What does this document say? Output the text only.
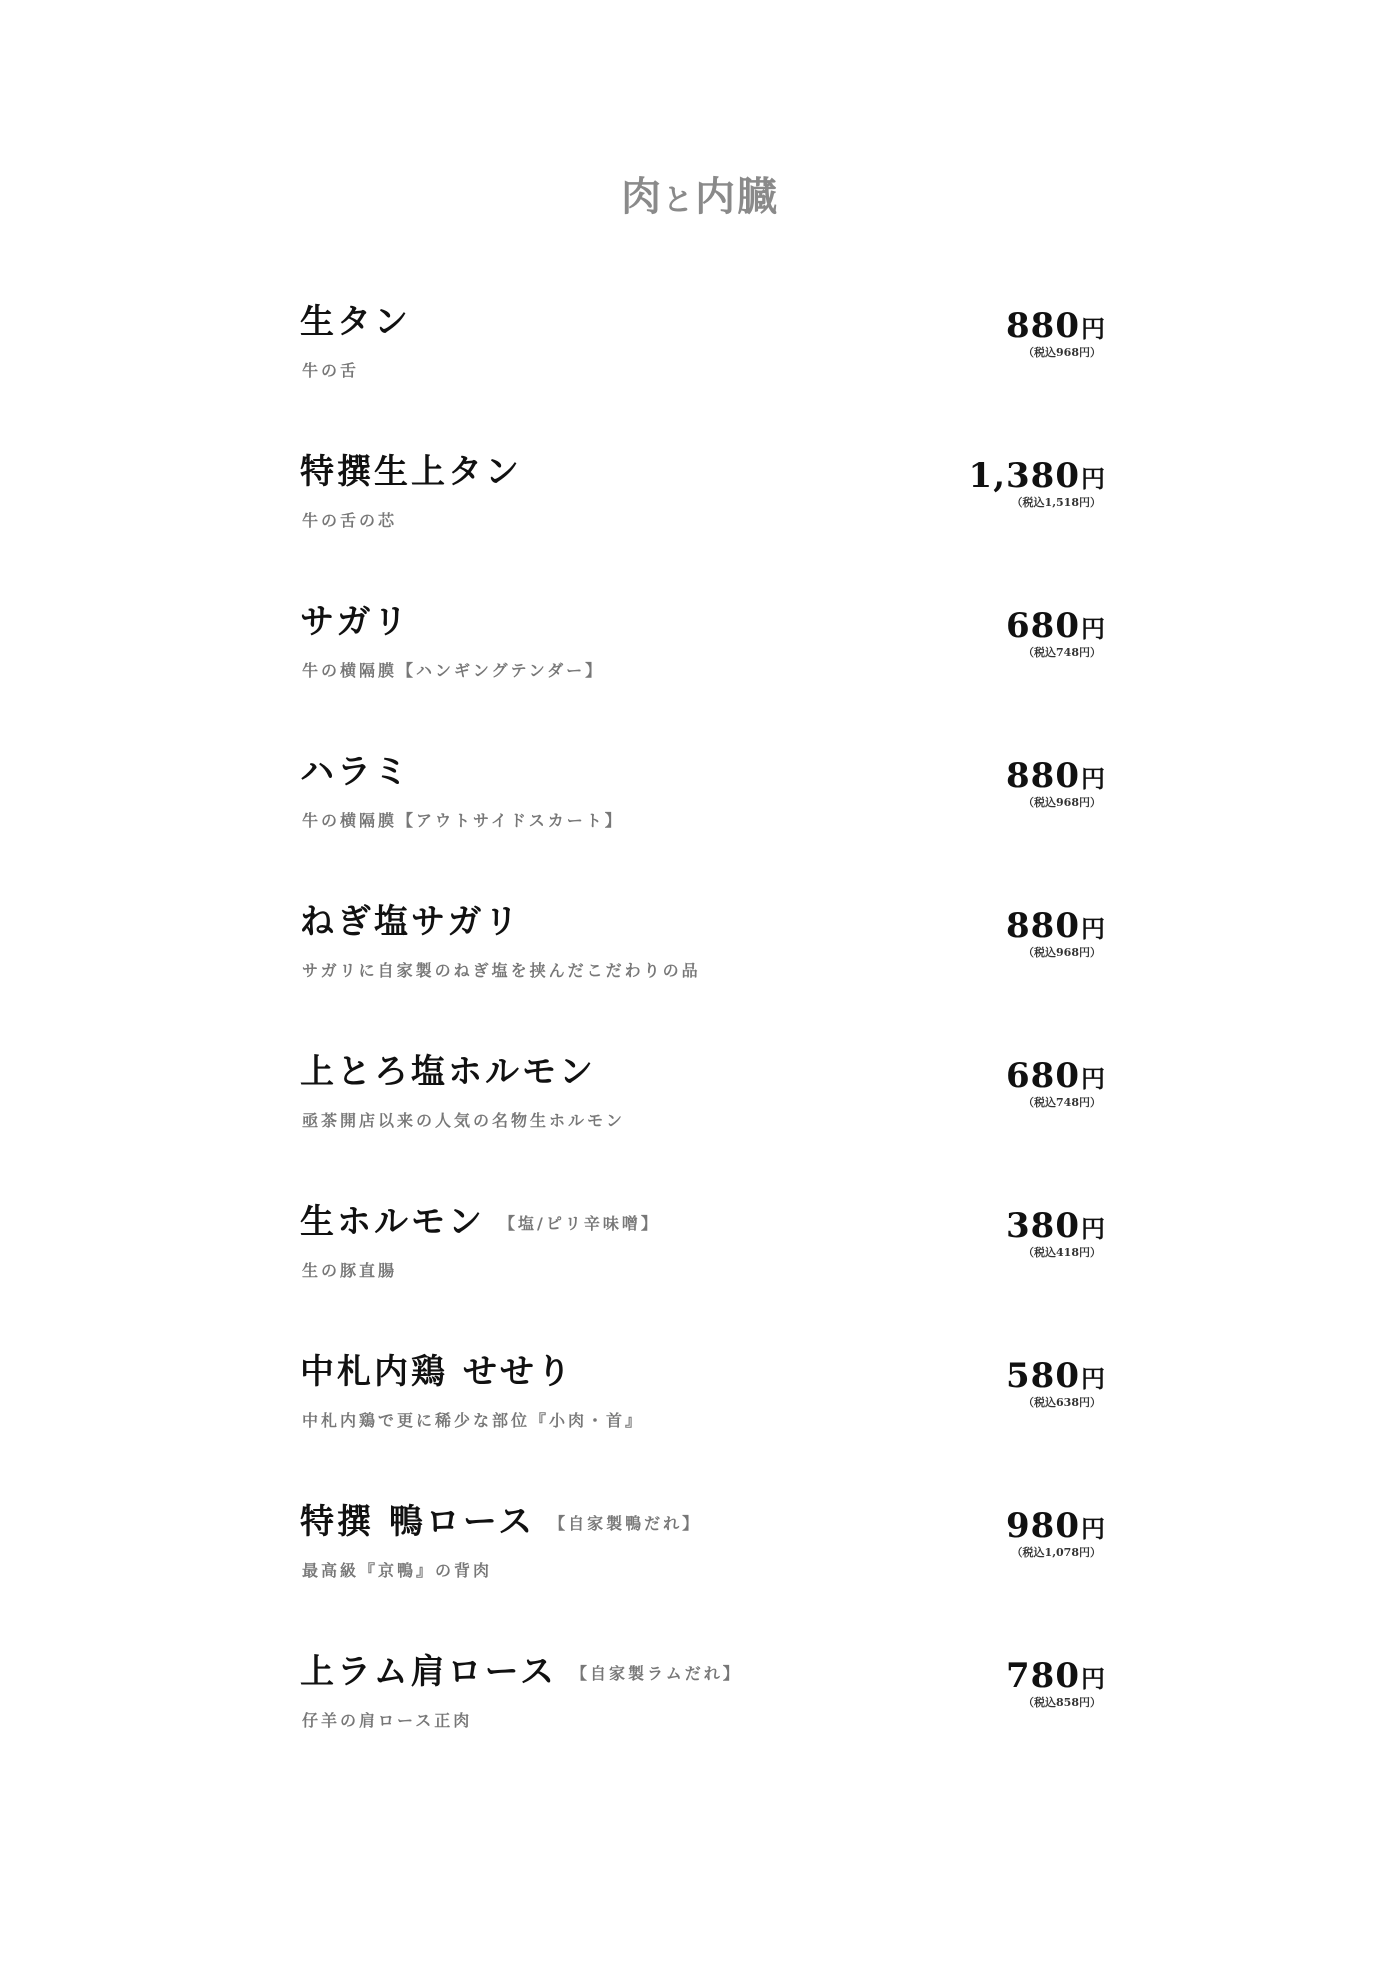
肉と内臓
生タン
牛の舌
880円
（税込968円）
特撰生上タン
牛の舌の芯
1,380円
（税込1,518円）
サガリ
牛の横隔膜【ハンギングテンダー】
680円
（税込748円）
ハラミ
牛の横隔膜【アウトサイドスカート】
880円
（税込968円）
ねぎ塩サガリ
サガリに自家製のねぎ塩を挟んだこだわりの品
880円
（税込968円）
上とろ塩ホルモン
亟茶開店以来の人気の名物生ホルモン
680円
（税込748円）
生ホルモン 【塩/ピリ辛味噌】
生の豚直腸
380円
（税込418円）
中札内鶏 せせり
中札内鶏で更に稀少な部位『小肉・首』
580円
（税込638円）
特撰 鴨ロース 【自家製鴨だれ】
最高級『京鴨』の背肉
980円
（税込1,078円）
上ラム肩ロース 【自家製ラムだれ】
仔羊の肩ロース正肉
780円
（税込858円）
